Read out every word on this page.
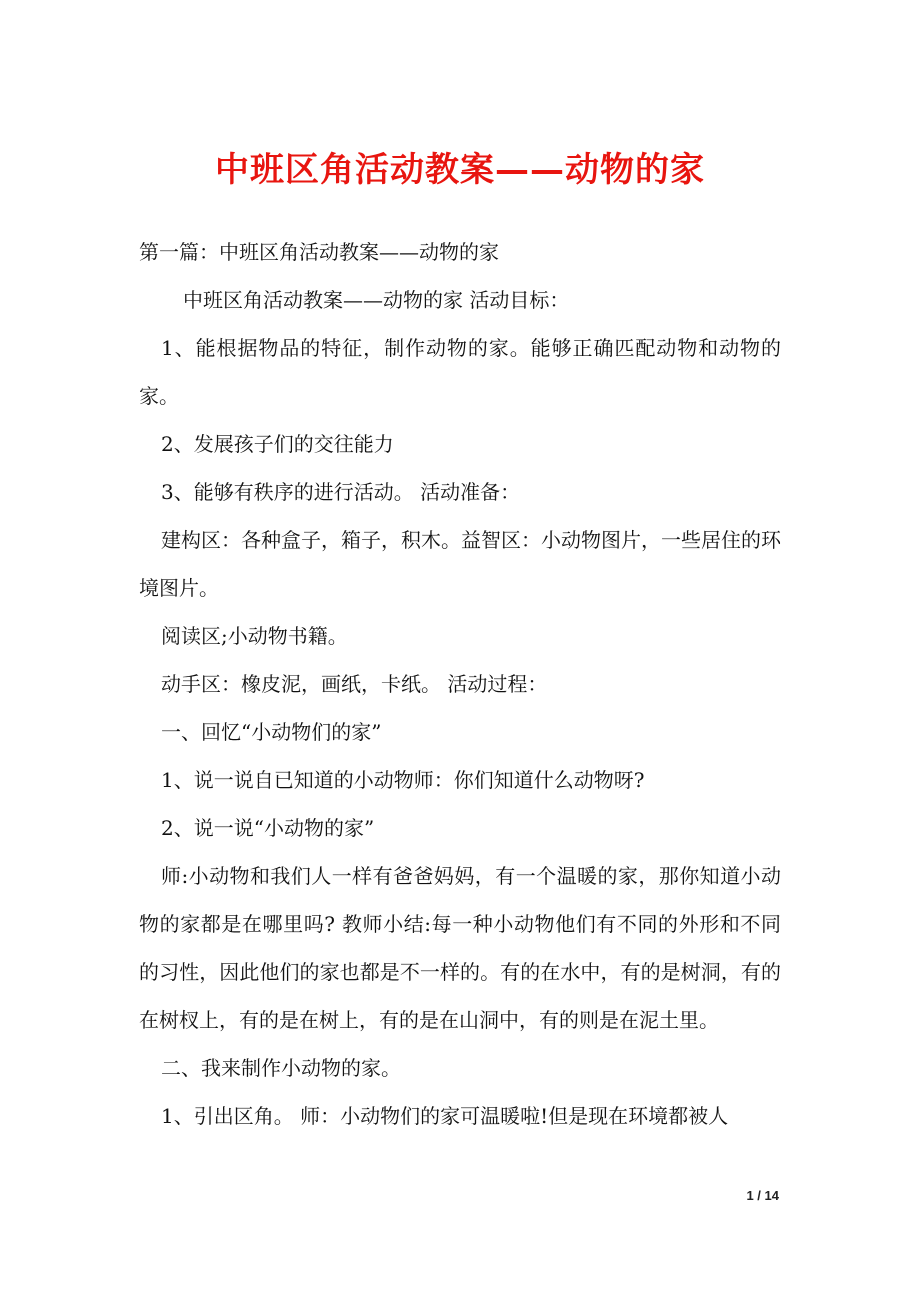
中班区角活动教案——动物的家

第一篇：中班区角活动教案——动物的家

中班区角活动教案——动物的家 活动目标：

1、能根据物品的特征，制作动物的家。能够正确匹配动物和动物的家。

2、发展孩子们的交往能力

3、能够有秩序的进行活动。 活动准备：

建构区：各种盒子，箱子，积木。益智区：小动物图片，一些居住的环境图片。

阅读区;小动物书籍。

动手区：橡皮泥，画纸，卡纸。 活动过程：

一、回忆“小动物们的家”

1、说一说自已知道的小动物师：你们知道什么动物呀?

2、说一说“小动物的家”

师:小动物和我们人一样有爸爸妈妈，有一个温暖的家，那你知道小动物的家都是在哪里吗? 教师小结:每一种小动物他们有不同的外形和不同的习性，因此他们的家也都是不一样的。有的在水中，有的是树洞，有的在树杈上，有的是在树上，有的是在山洞中，有的则是在泥土里。

二、我来制作小动物的家。

1、引出区角。 师：小动物们的家可温暖啦!但是现在环境都被人

1 / 14
